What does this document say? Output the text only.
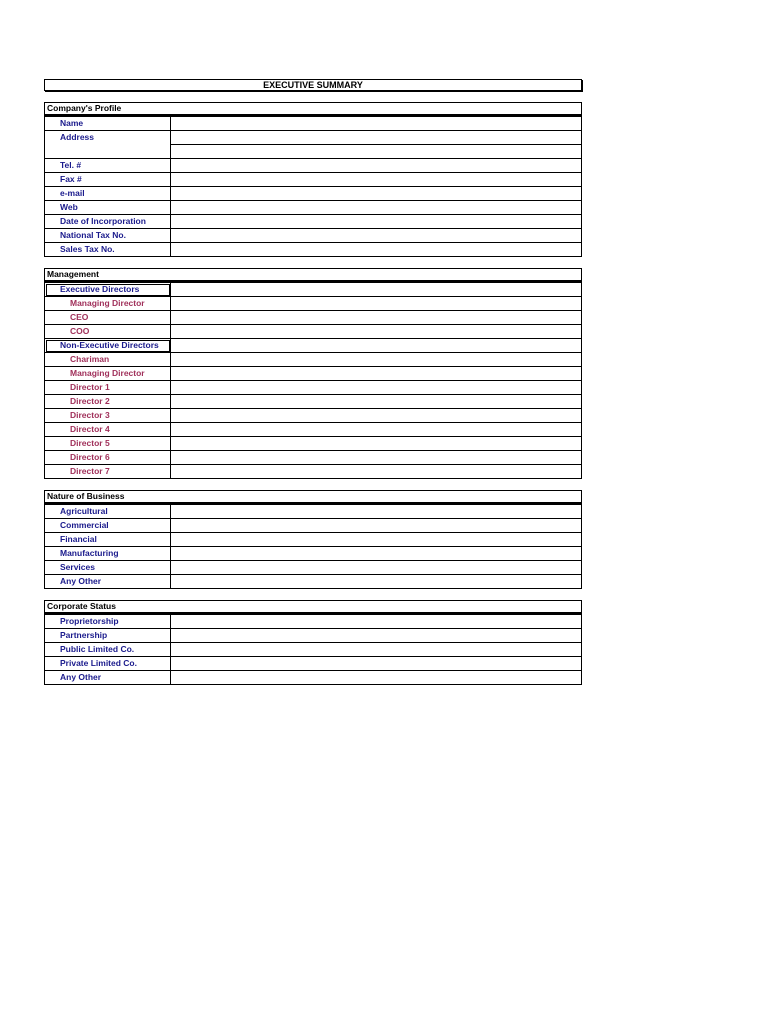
EXECUTIVE SUMMARY
Company's Profile
Name	
Address	

Tel. #	
Fax #	
e-mail	
Web	
Date of Incorporation	
National Tax No.	
Sales Tax No.	
Management
Executive Directors	
Managing Director	
CEO	
COO	
Non-Executive Directors	
Chariman	
Managing Director	
Director 1	
Director 2	
Director 3	
Director 4	
Director 5	
Director 6	
Director 7	
Nature of Business
Agricultural	
Commercial	
Financial	
Manufacturing	
Services	
Any Other	
Corporate Status
Proprietorship	
Partnership	
Public Limited Co.	
Private Limited Co.	
Any Other	
